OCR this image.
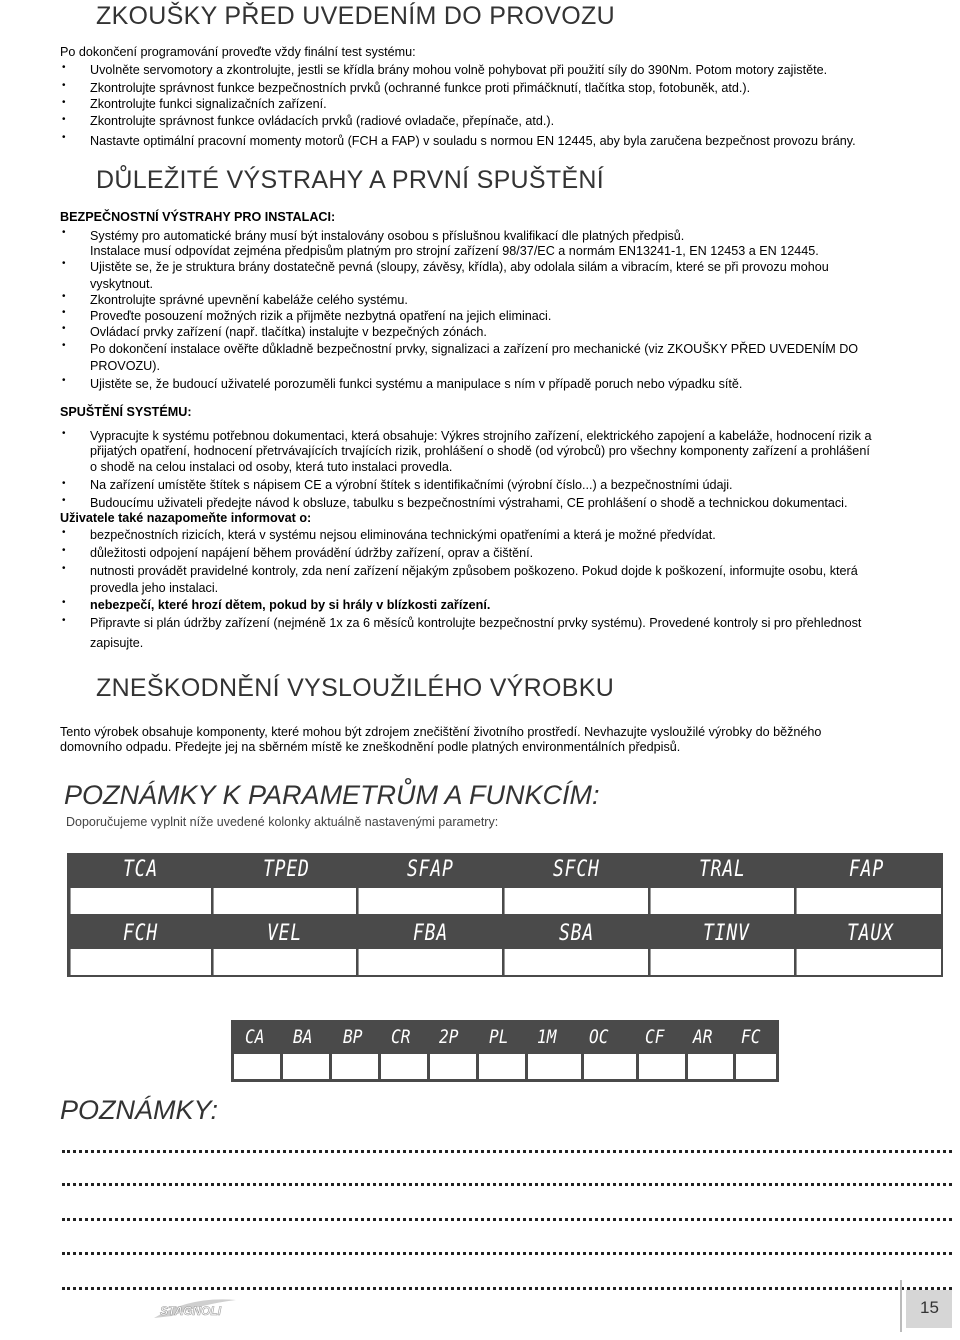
ZKOUŠKY PŘED UVEDENÍM DO PROVOZU
Po dokončení programování proveďte vždy finální test systému:
• Uvolněte servomotory a zkontrolujte, jestli se křídla brány mohou volně pohybovat při použití síly do 390Nm. Potom motory zajistěte.
• Zkontrolujte správnost funkce bezpečnostních prvků (ochranné funkce proti přimáčknutí, tlačítka stop, fotobuněk, atd.).
• Zkontrolujte funkci signalizačních zařízení.
• Zkontrolujte správnost funkce ovládacích prvků (radiové ovladače, přepínače, atd.).
• Nastavte optimální pracovní momenty motorů (FCH a FAP) v souladu s normou EN 12445, aby byla zaručena bezpečnost provozu brány.
DŮLEŽITÉ VÝSTRAHY A PRVNÍ SPUŠTĚNÍ
BEZPEČNOSTNÍ VÝSTRAHY PRO INSTALACI:
• Systémy pro automatické brány musí být instalovány osobou s příslušnou kvalifikací dle platných předpisů.
Instalace musí odpovídat zejména předpisům platným pro strojní zařízení 98/37/EC a normám EN13241-1, EN 12453 a EN 12445.
• Ujistěte se, že je struktura brány dostatečně pevná (sloupy, závěsy, křídla), aby odolala silám a vibracím, které se při provozu mohou
vyskytnout.
• Zkontrolujte správné upevnění kabeláže celého systému.
• Proveďte posouzení možných rizik a přijměte nezbytná opatření na jejich eliminaci.
• Ovládací prvky zařízení (např. tlačítka) instalujte v bezpečných zónách.
• Po dokončení instalace ověřte důkladně bezpečnostní prvky, signalizaci a zařízení pro mechanické (viz ZKOUŠKY PŘED UVEDENÍM DO
PROVOZU).
• Ujistěte se, že budoucí uživatelé porozuměli funkci systému a manipulace s ním v případě poruch nebo výpadku sítě.
SPUŠTĚNÍ SYSTÉMU:
• Vypracujte k systému potřebnou dokumentaci, která obsahuje: Výkres strojního zařízení, elektrického zapojení a kabeláže, hodnocení rizik a
přijatých opatření, hodnocení přetrvávajících trvajících rizik, prohlášení o shodě (od výrobců) pro všechny komponenty zařízení a prohlášení
o shodě na celou instalaci od osoby, která tuto instalaci provedla.
• Na zařízení umístěte štítek s nápisem CE a výrobní štítek s identifikačními (výrobní číslo...) a bezpečnostními údaji.
• Budoucímu uživateli předejte návod k obsluze, tabulku s bezpečnostními výstrahami, CE prohlášení o shodě a technickou dokumentaci.
Uživatele také nazapomeňte informovat o:
• bezpečnostních rizicích, která v systému nejsou eliminována technickými opatřeními a která je možné předvídat.
• důležitosti odpojení napájení během provádění údržby zařízení, oprav a čištění.
• nutnosti provádět pravidelné kontroly, zda není zařízení nějakým způsobem poškozeno. Pokud dojde k poškození, informujte osobu, která
provedla jeho instalaci.
• nebezpečí, které hrozí dětem, pokud by si hrály v blízkosti zařízení.
• Připravte si plán údržby zařízení (nejméně 1x za 6 měsíců kontrolujte bezpečnostní prvky systému). Provedené kontroly si pro přehlednost
zapisujte.
ZNEŠKODNĚNÍ VYSLOUŽILÉHO VÝROBKU
Tento výrobek obsahuje komponenty, které mohou být zdrojem znečištění životního prostředí. Nevhazujte vysloužilé výrobky do běžného
domovního odpadu. Předejte jej na sběrném místě ke zneškodnění podle platných environmentálních předpisů.
POZNÁMKY K PARAMETRŮM A FUNKCÍM:
Doporučujeme vyplnit níže uvedené kolonky aktuálně nastavenými parametry:
TCA	TPED	SFAP	SFCH	TRAL	FAP
FCH	VEL	FBA	SBA	TINV	TAUX
CA BA BP CR 2P PL 1M OC CF AR FC
POZNÁMKY:
STAGNOLI	15
